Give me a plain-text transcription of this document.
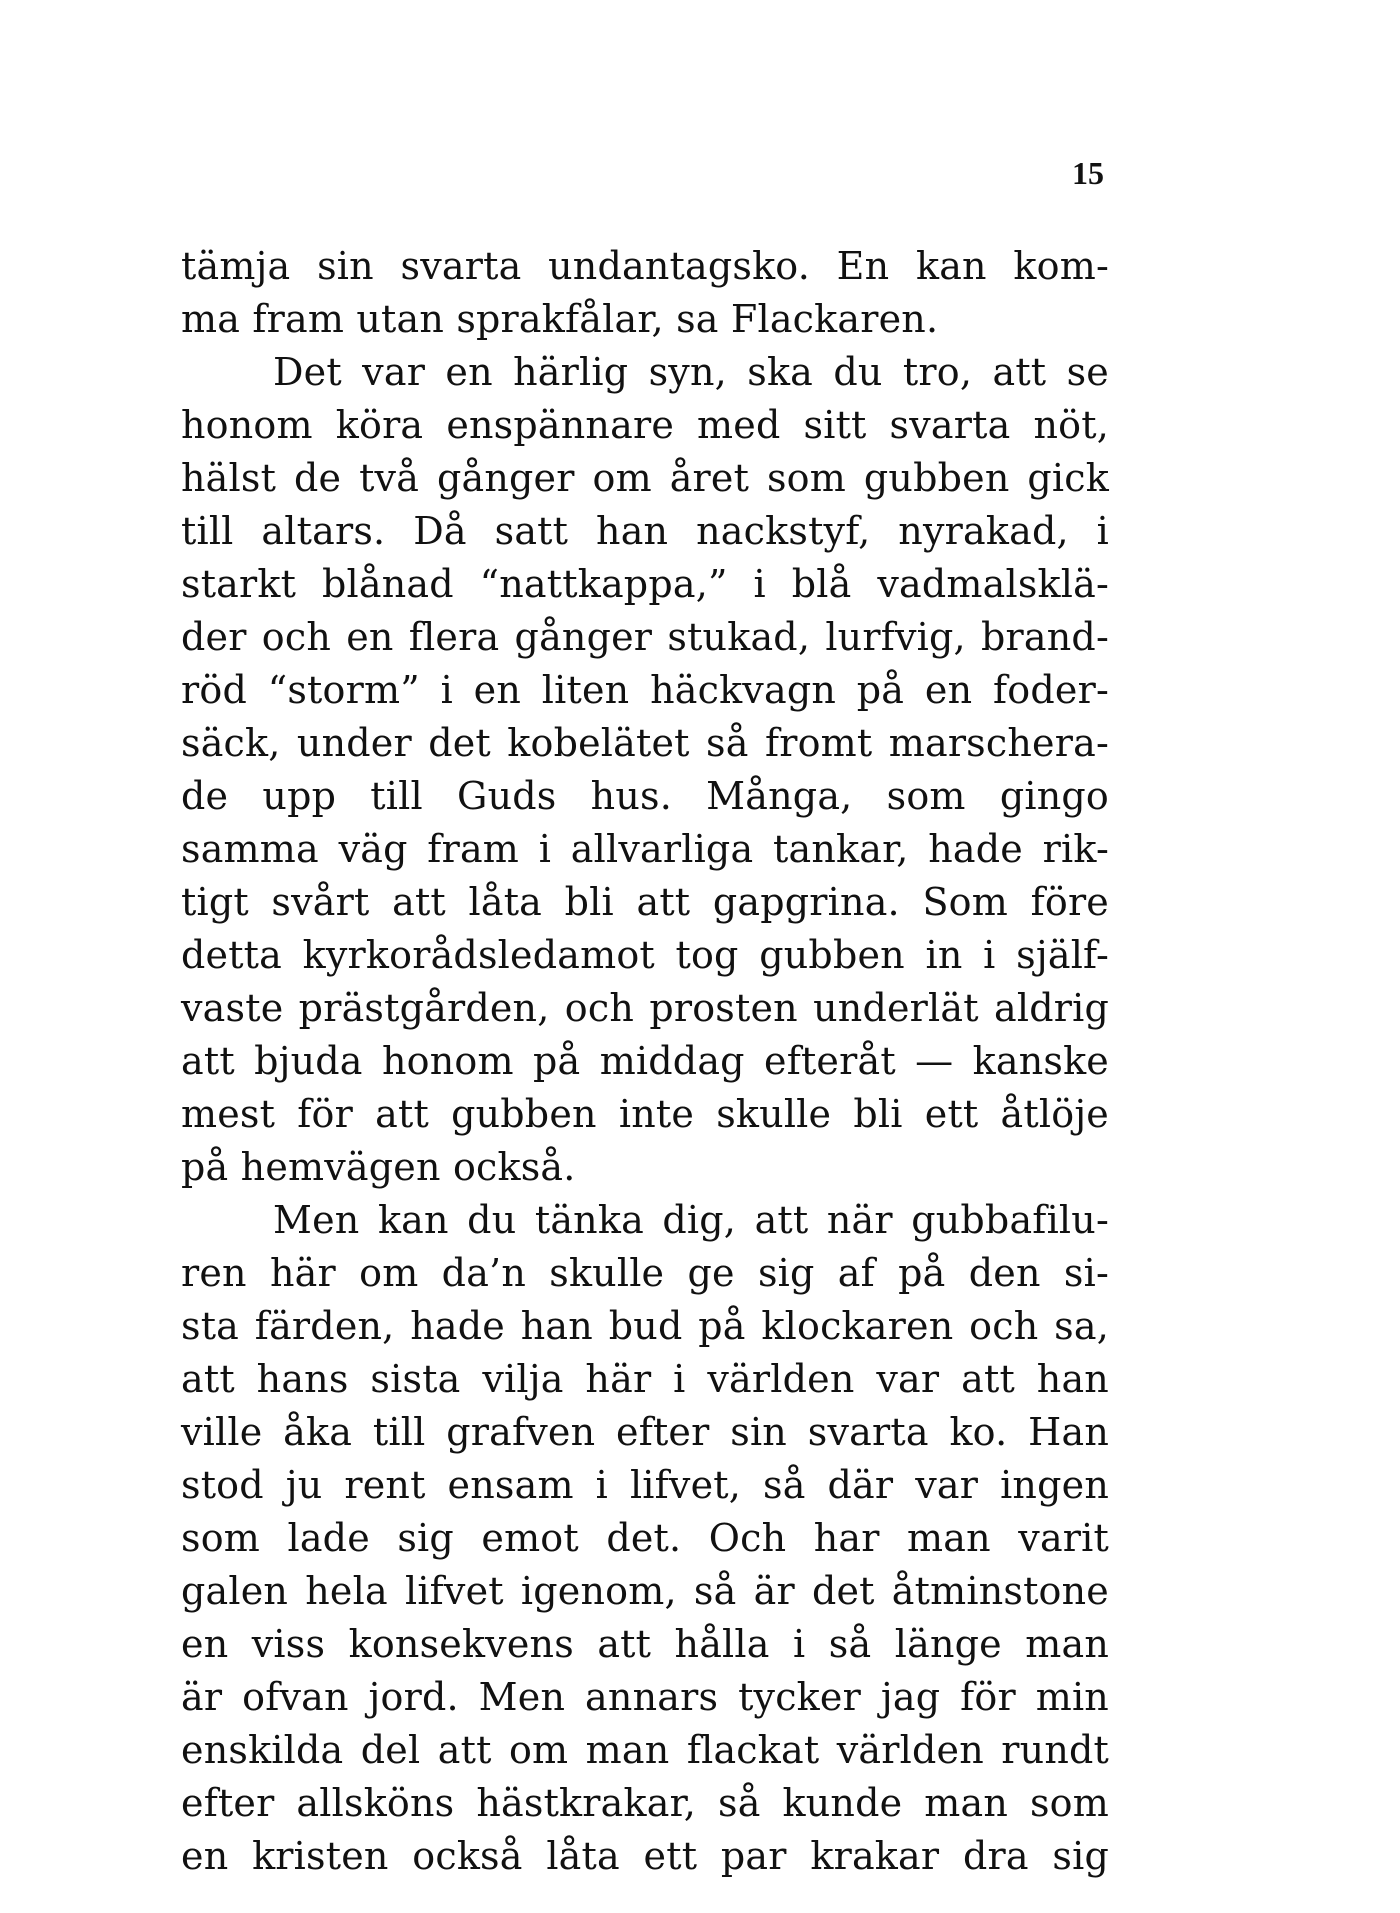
15
tämja sin svarta undantagsko. En kan kom-
ma fram utan sprakfålar, sa Flackaren.
Det var en härlig syn, ska du tro, att se
honom köra enspännare med sitt svarta nöt,
hälst de två gånger om året som gubben gick
till altars. Då satt han nackstyf, nyrakad, i
starkt blånad “nattkappa,” i blå vadmalsklä-
der och en flera gånger stukad, lurfvig, brand-
röd “storm” i en liten häckvagn på en foder-
säck, under det kobelätet så fromt marschera-
de upp till Guds hus. Många, som gingo
samma väg fram i allvarliga tankar, hade rik-
tigt svårt att låta bli att gapgrina. Som före
detta kyrkorådsledamot tog gubben in i själf-
vaste prästgården, och prosten underlät aldrig
att bjuda honom på middag efteråt — kanske
mest för att gubben inte skulle bli ett åtlöje
på hemvägen också.
Men kan du tänka dig, att när gubbafilu-
ren här om da’n skulle ge sig af på den si-
sta färden, hade han bud på klockaren och sa,
att hans sista vilja här i världen var att han
ville åka till grafven efter sin svarta ko. Han
stod ju rent ensam i lifvet, så där var ingen
som lade sig emot det. Och har man varit
galen hela lifvet igenom, så är det åtminstone
en viss konsekvens att hålla i så länge man
är ofvan jord. Men annars tycker jag för min
enskilda del att om man flackat världen rundt
efter allsköns hästkrakar, så kunde man som
en kristen också låta ett par krakar dra sig
